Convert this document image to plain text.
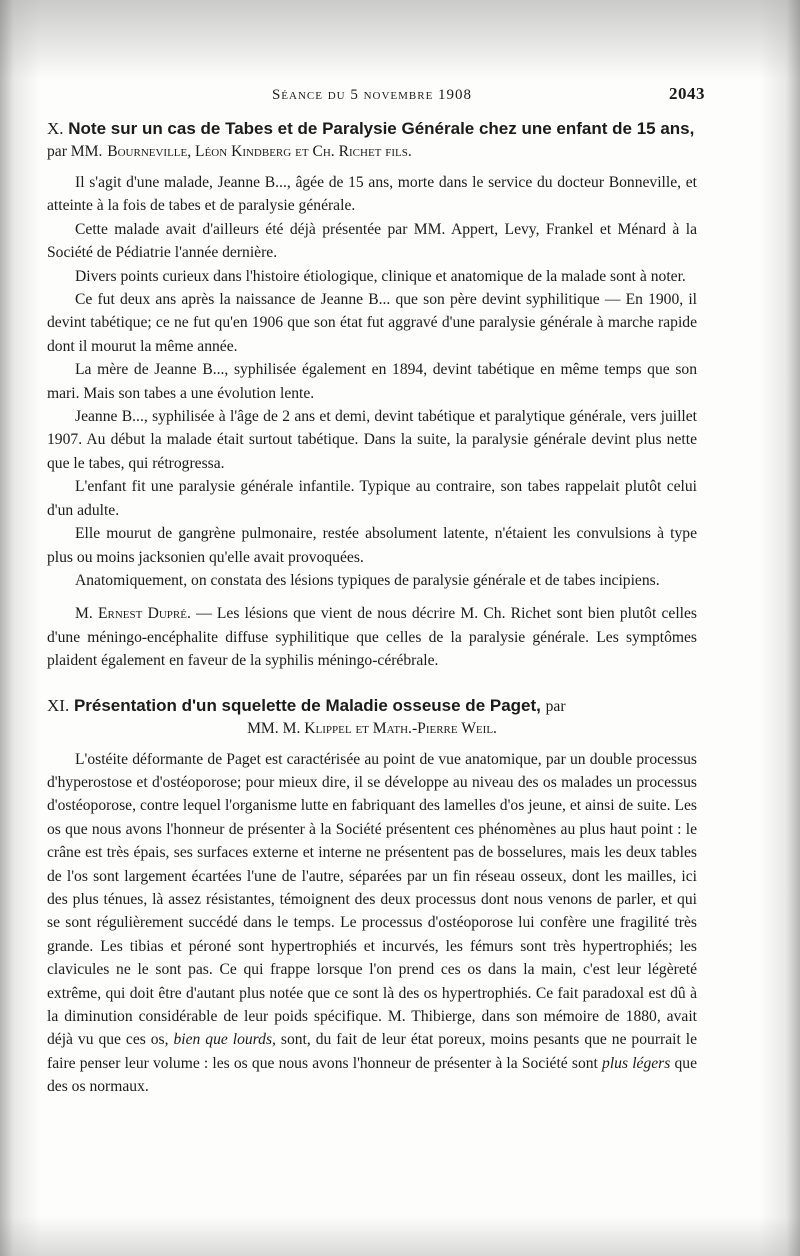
Séance du 5 novembre 1908	2043
X. Note sur un cas de Tabes et de Paralysie Générale chez une enfant de 15 ans, par MM. Bourneville, Léon Kindberg et Ch. Richet fils.

Il s'agit d'une malade, Jeanne B..., âgée de 15 ans, morte dans le service du docteur Bonneville, et atteinte à la fois de tabes et de paralysie générale.

Cette malade avait d'ailleurs été déjà présentée par MM. Appert, Levy, Frankel et Ménard à la Société de Pédiatrie l'année dernière.

Divers points curieux dans l'histoire étiologique, clinique et anatomique de la malade sont à noter.

Ce fut deux ans après la naissance de Jeanne B... que son père devint syphilitique — En 1900, il devint tabétique; ce ne fut qu'en 1906 que son état fut aggravé d'une paralysie générale à marche rapide dont il mourut la même année.

La mère de Jeanne B..., syphilisée également en 1894, devint tabétique en même temps que son mari. Mais son tabes a une évolution lente.

Jeanne B..., syphilisée à l'âge de 2 ans et demi, devint tabétique et paralytique générale, vers juillet 1907. Au début la malade était surtout tabétique. Dans la suite, la paralysie générale devint plus nette que le tabes, qui rétrogressa.

L'enfant fit une paralysie générale infantile. Typique au contraire, son tabes rappelait plutôt celui d'un adulte.

Elle mourut de gangrène pulmonaire, restée absolument latente, n'étaient les convulsions à type plus ou moins jacksonien qu'elle avait provoquées.

Anatomiquement, on constata des lésions typiques de paralysie générale et de tabes incipiens.

M. Ernest Dupré. — Les lésions que vient de nous décrire M. Ch. Richet sont bien plutôt celles d'une méningo-encéphalite diffuse syphilitique que celles de la paralysie générale. Les symptômes plaident également en faveur de la syphilis méningo-cérébrale.

XI. Présentation d'un squelette de Maladie osseuse de Paget, par
MM. M. Klippel et Math.-Pierre Weil.

L'ostéite déformante de Paget est caractérisée au point de vue anatomique, par un double processus d'hyperostose et d'ostéoporose; pour mieux dire, il se développe au niveau des os malades un processus d'ostéoporose, contre lequel l'organisme lutte en fabriquant des lamelles d'os jeune, et ainsi de suite. Les os que nous avons l'honneur de présenter à la Société présentent ces phénomènes au plus haut point : le crâne est très épais, ses surfaces externe et interne ne présentent pas de bosselures, mais les deux tables de l'os sont largement écartées l'une de l'autre, séparées par un fin réseau osseux, dont les mailles, ici des plus ténues, là assez résistantes, témoignent des deux processus dont nous venons de parler, et qui se sont régulièrement succédé dans le temps. Le processus d'ostéoporose lui confère une fragilité très grande. Les tibias et péroné sont hypertrophiés et incurvés, les fémurs sont très hypertrophiés; les clavicules ne le sont pas. Ce qui frappe lorsque l'on prend ces os dans la main, c'est leur légèreté extrême, qui doit être d'autant plus notée que ce sont là des os hypertrophiés. Ce fait paradoxal est dû à la diminution considérable de leur poids spécifique. M. Thibierge, dans son mémoire de 1880, avait déjà vu que ces os, bien que lourds, sont, du fait de leur état poreux, moins pesants que ne pourrait le faire penser leur volume : les os que nous avons l'honneur de présenter à la Société sont plus légers que des os normaux.
